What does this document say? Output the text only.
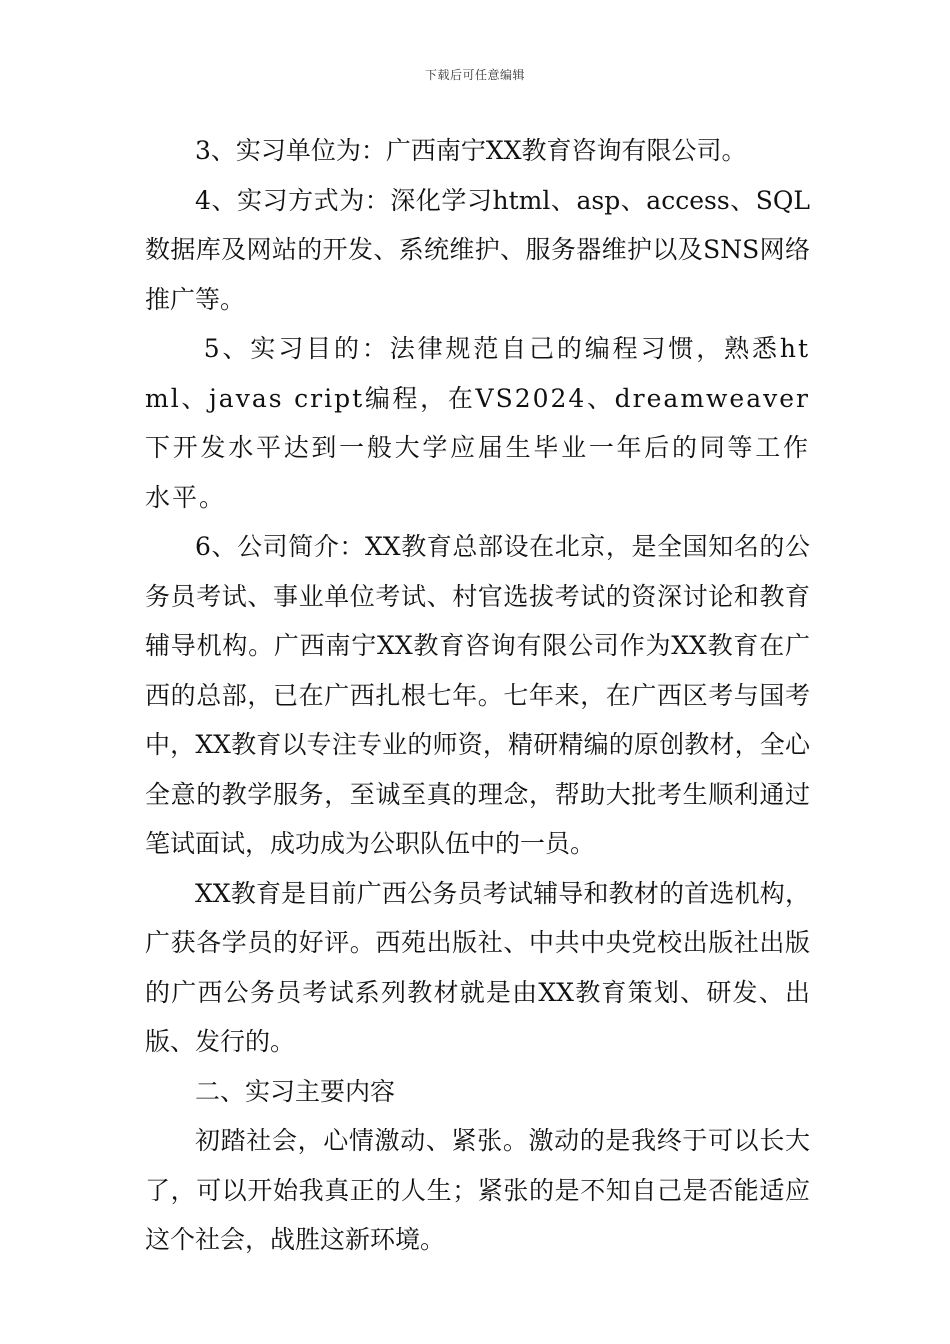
下载后可任意编辑

3、实习单位为：广西南宁XX教育咨询有限公司。

4、实习方式为：深化学习html、asp、access、SQL数据库及网站的开发、系统维护、服务器维护以及SNS网络推广等。

5、实习目的：法律规范自己的编程习惯，熟悉html、javas cript编程，在VS2024、dreamweaver下开发水平达到一般大学应届生毕业一年后的同等工作水平。

6、公司简介：XX教育总部设在北京，是全国知名的公务员考试、事业单位考试、村官选拔考试的资深讨论和教育辅导机构。广西南宁XX教育咨询有限公司作为XX教育在广西的总部，已在广西扎根七年。七年来，在广西区考与国考中，XX教育以专注专业的师资，精研精编的原创教材，全心全意的教学服务，至诚至真的理念，帮助大批考生顺利通过笔试面试，成功成为公职队伍中的一员。

XX教育是目前广西公务员考试辅导和教材的首选机构，广获各学员的好评。西苑出版社、中共中央党校出版社出版的广西公务员考试系列教材就是由XX教育策划、研发、出版、发行的。

二、实习主要内容

初踏社会，心情激动、紧张。激动的是我终于可以长大了，可以开始我真正的人生；紧张的是不知自己是否能适应这个社会，战胜这新环境。
